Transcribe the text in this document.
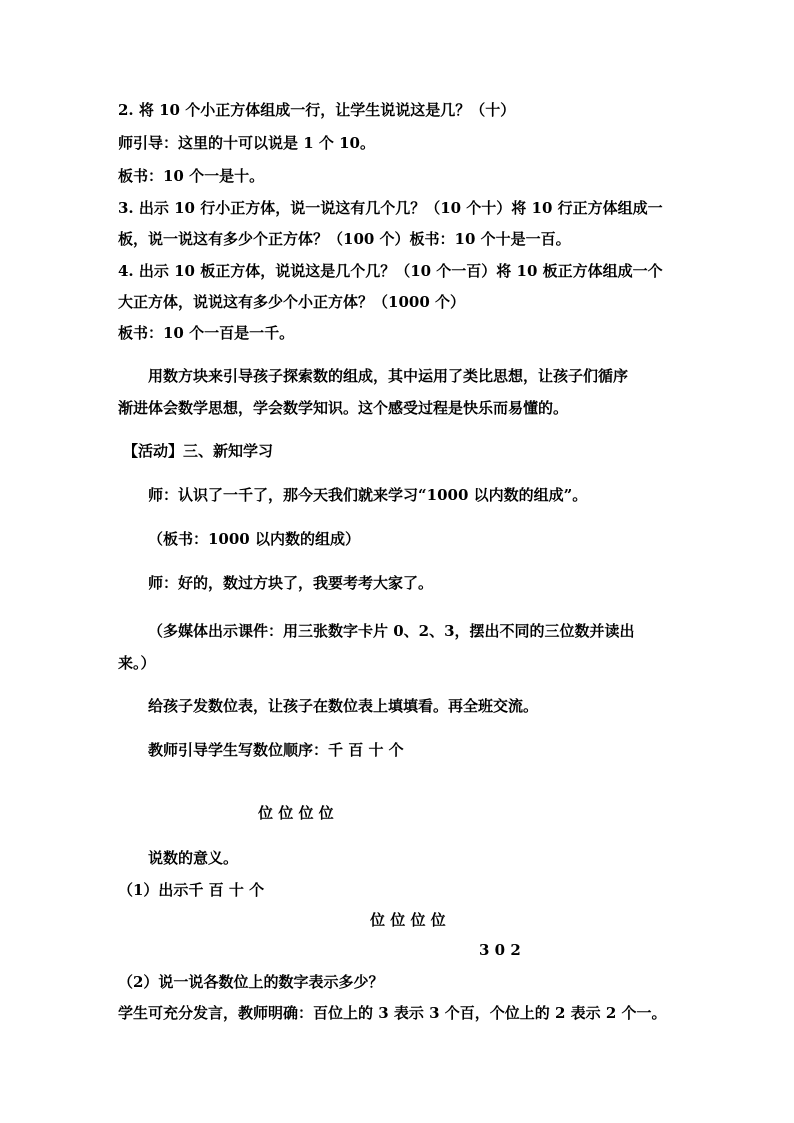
2. 将 10 个小正方体组成一行，让学生说说这是几？（十）
师引导：这里的十可以说是 1 个 10。
板书：10 个一是十。
3. 出示 10 行小正方体，说一说这有几个几？（10 个十）将 10 行正方体组成一
板，说一说这有多少个正方体？（100 个）板书：10 个十是一百。
4. 出示 10 板正方体，说说这是几个几？（10 个一百）将 10 板正方体组成一个
大正方体，说说这有多少个小正方体？（1000 个）
板书：10 个一百是一千。
用数方块来引导孩子探索数的组成，其中运用了类比思想，让孩子们循序
渐进体会数学思想，学会数学知识。这个感受过程是快乐而易懂的。
【活动】三、新知学习
师：认识了一千了，那今天我们就来学习“1000 以内数的组成”。
（板书：1000 以内数的组成）
师：好的，数过方块了，我要考考大家了。
（多媒体出示课件：用三张数字卡片 0、2、3，摆出不同的三位数并读出
来。）
给孩子发数位表，让孩子在数位表上填填看。再全班交流。
教师引导学生写数位顺序：千 百 十 个
位 位 位 位
说数的意义。
（1）出示千 百 十 个
位 位 位 位
3 0 2
（2）说一说各数位上的数字表示多少？
学生可充分发言，教师明确：百位上的 3 表示 3 个百，个位上的 2 表示 2 个一。
